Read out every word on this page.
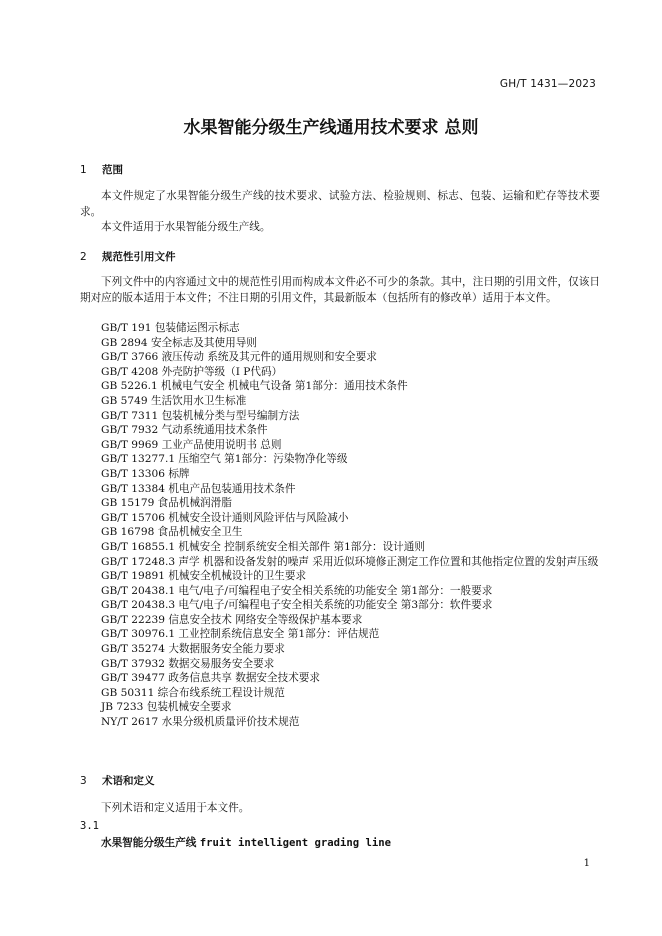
GH/T 1431—2023
水果智能分级生产线通用技术要求 总则
1 范围
本文件规定了水果智能分级生产线的技术要求、试验方法、检验规则、标志、包装、运输和贮存等技术要求。
本文件适用于水果智能分级生产线。
2 规范性引用文件
下列文件中的内容通过文中的规范性引用而构成本文件必不可少的条款。其中，注日期的引用文件，仅该日期对应的版本适用于本文件；不注日期的引用文件，其最新版本（包括所有的修改单）适用于本文件。
GB/T 191 包装储运图示标志
GB 2894 安全标志及其使用导则
GB/T 3766 液压传动 系统及其元件的通用规则和安全要求
GB/T 4208 外壳防护等级（I P代码）
GB 5226.1 机械电气安全 机械电气设备 第1部分：通用技术条件
GB 5749 生活饮用水卫生标准
GB/T 7311 包装机械分类与型号编制方法
GB/T 7932 气动系统通用技术条件
GB/T 9969 工业产品使用说明书 总则
GB/T 13277.1 压缩空气 第1部分：污染物净化等级
GB/T 13306 标牌
GB/T 13384 机电产品包装通用技术条件
GB 15179 食品机械润滑脂
GB/T 15706 机械安全设计通则风险评估与风险减小
GB 16798 食品机械安全卫生
GB/T 16855.1 机械安全 控制系统安全相关部件 第1部分：设计通则
GB/T 17248.3 声学 机器和设备发射的噪声 采用近似环境修正测定工作位置和其他指定位置的发射声压级
GB/T 19891 机械安全机械设计的卫生要求
GB/T 20438.1 电气/电子/可编程电子安全相关系统的功能安全 第1部分：一般要求
GB/T 20438.3 电气/电子/可编程电子安全相关系统的功能安全 第3部分：软件要求
GB/T 22239 信息安全技术 网络安全等级保护基本要求
GB/T 30976.1 工业控制系统信息安全 第1部分：评估规范
GB/T 35274 大数据服务安全能力要求
GB/T 37932 数据交易服务安全要求
GB/T 39477 政务信息共享 数据安全技术要求
GB 50311 综合布线系统工程设计规范
JB 7233 包装机械安全要求
NY/T 2617 水果分级机质量评价技术规范
3 术语和定义
下列术语和定义适用于本文件。
3.1
水果智能分级生产线 fruit intelligent grading line
1
